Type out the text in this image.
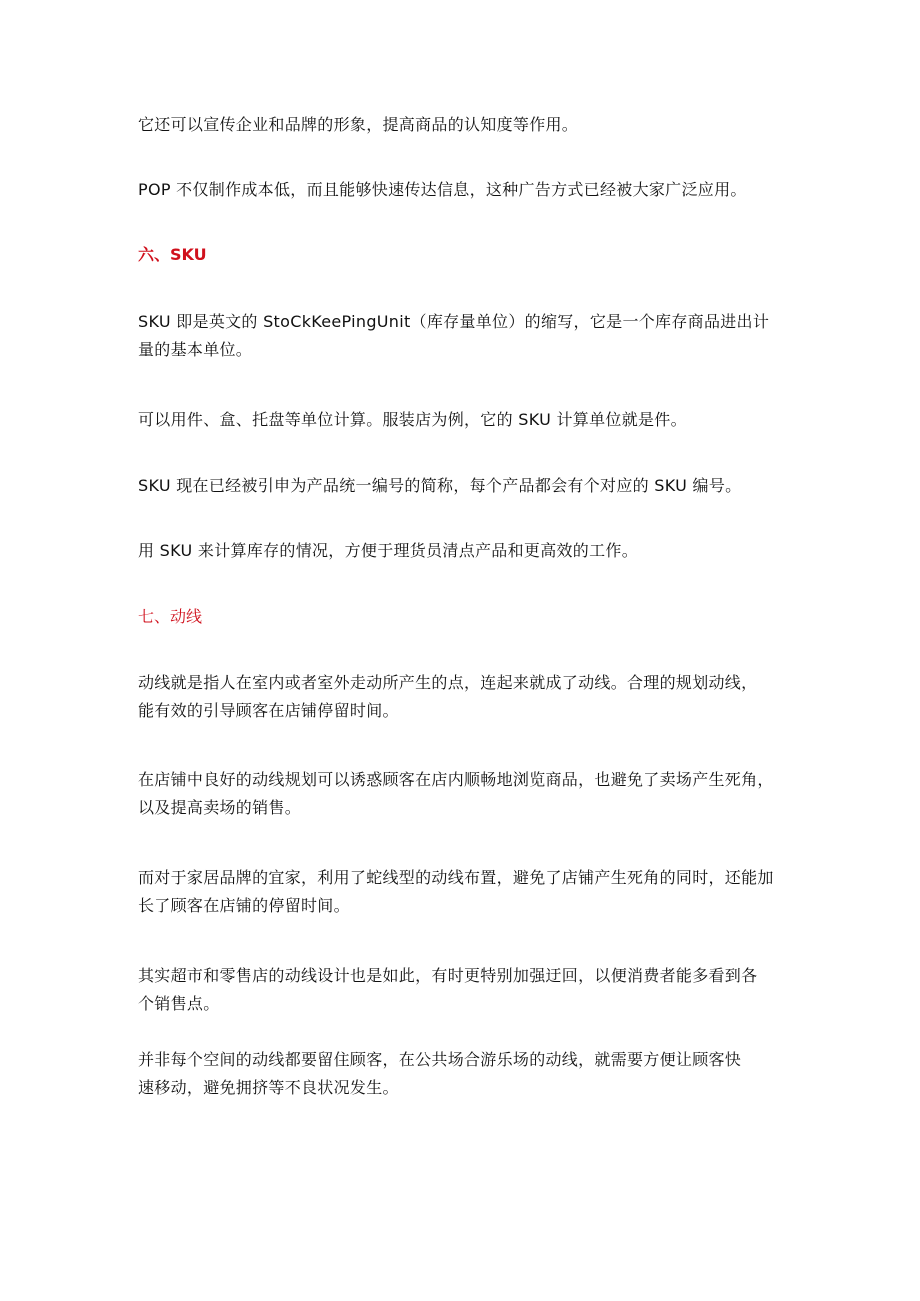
它还可以宣传企业和品牌的形象，提高商品的认知度等作用。

POP 不仅制作成本低，而且能够快速传达信息，这种广告方式已经被大家广泛应用。

六、SKU

SKU 即是英文的 StoCkKeePingUnit（库存量单位）的缩写，它是一个库存商品进出计
量的基本单位。

可以用件、盒、托盘等单位计算。服装店为例，它的 SKU 计算单位就是件。

SKU 现在已经被引申为产品统一编号的简称，每个产品都会有个对应的 SKU 编号。

用 SKU 来计算库存的情况，方便于理货员清点产品和更高效的工作。

七、动线

动线就是指人在室内或者室外走动所产生的点，连起来就成了动线。合理的规划动线，
能有效的引导顾客在店铺停留时间。

在店铺中良好的动线规划可以诱惑顾客在店内顺畅地浏览商品，也避免了卖场产生死角，
以及提高卖场的销售。

而对于家居品牌的宜家，利用了蛇线型的动线布置，避免了店铺产生死角的同时，还能加
长了顾客在店铺的停留时间。

其实超市和零售店的动线设计也是如此，有时更特别加强迂回，以便消费者能多看到各
个销售点。

并非每个空间的动线都要留住顾客，在公共场合游乐场的动线，就需要方便让顾客快
速移动，避免拥挤等不良状况发生。
